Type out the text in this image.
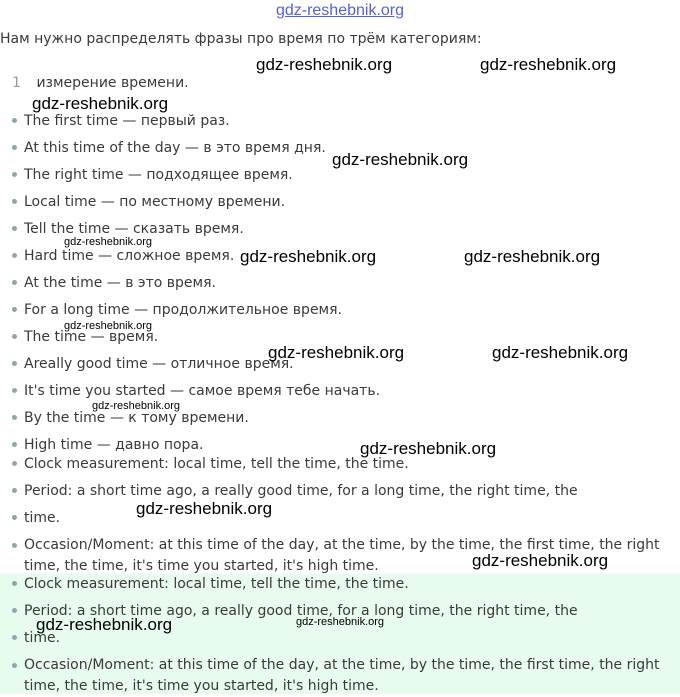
gdz-reshebnik.org
Нам нужно распределять фразы про время по трём категориям:
1 измерение времени.
The first time — первый раз.
At this time of the day — в это время дня.
The right time — подходящее время.
Local time — по местному времени.
Tell the time — сказать время.
Hard time — сложное время.
At the time — в это время.
For a long time — продолжительное время.
The time — время.
Areally good time — отличное время.
It's time you started — самое время тебе начать.
By the time — к тому времени.
High time — давно пора.
Clock measurement: local time, tell the time, the time.
Period: a short time ago, a really good time, for a long time, the right time, the
time.
Occasion/Moment: at this time of the day, at the time, by the time, the first time, the right time, the time, it's time you started, it's high time.
Clock measurement: local time, tell the time, the time.
Period: a short time ago, a really good time, for a long time, the right time, the
time.
Occasion/Moment: at this time of the day, at the time, by the time, the first time, the right time, the time, it's time you started, it's high time.
gdz-reshebnik.org	gdz-reshebnik.org
gdz-reshebnik.org
gdz-reshebnik.org
gdz-reshebnik.org
gdz-reshebnik.org	gdz-reshebnik.org
gdz-reshebnik.org
gdz-reshebnik.org	gdz-reshebnik.org
gdz-reshebnik.org
gdz-reshebnik.org
gdz-reshebnik.org
gdz-reshebnik.org
gdz-reshebnik.org	gdz-reshebnik.org
